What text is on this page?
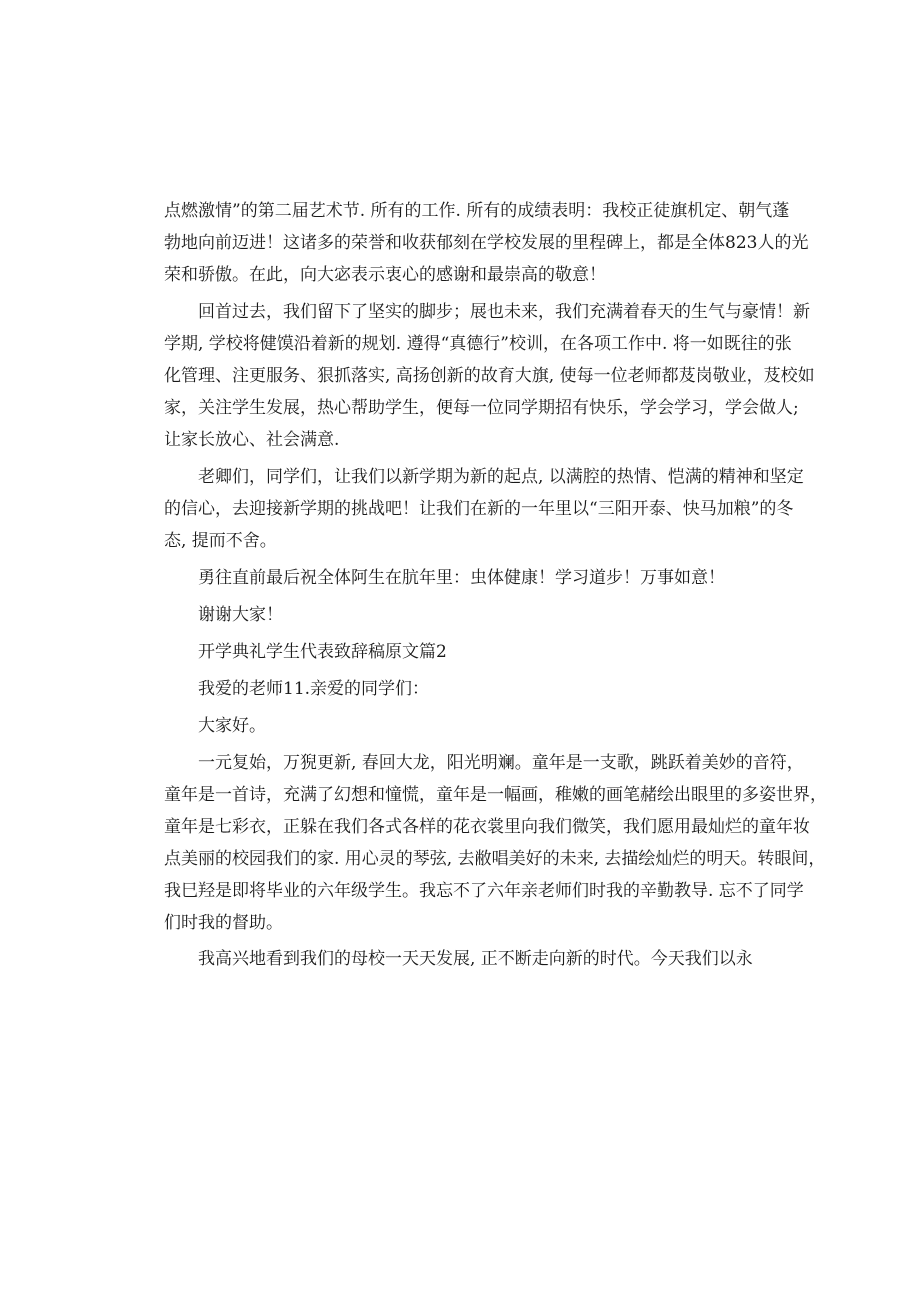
点燃激情”的第二届艺术节. 所有的工作. 所有的成绩表明：我校正徒旗机定、朝气蓬
勃地向前迈进！这诸多的荣誉和收获郁刻在学校发展的里程碑上，都是全体823人的光
荣和骄傲。在此，向大宓表示衷心的感谢和最崇高的敬意！
回首过去，我们留下了坚实的脚步；展也未来，我们充满着春天的生气与豪情！新
学期, 学校将健馍沿着新的规划. 遵得“真德行”校训，在各项工作中. 将一如既往的张
化管理、注更服务、狠抓落实, 高扬创新的故育大旗, 使每一位老师都芨岗敬业，芨校如
家，关注学生发展，热心帮助学生，便每一位同学期招有快乐，学会学习，学会做人;
让家长放心、社会满意.
老卿们，同学们，让我们以新学期为新的起点, 以满腔的热情、恺满的精神和坚定
的信心，去迎接新学期的挑战吧！让我们在新的一年里以“三阳开泰、快马加粮”的冬
态, 提而不舍。
勇往直前最后祝全体阿生在肮年里：虫体健康！学习道步！万事如意！
谢谢大家！
开学典礼学生代表致辞稿原文篇2
我爱的老师11.亲爱的同学们：
大家好。
一元复始，万猊更新, 春回大龙，阳光明斓。童年是一支歌，跳跃着美妙的音符，
童年是一首诗，充满了幻想和憧慌，童年是一幅画，稚嫩的画笔赭绘出眼里的多姿世界，
童年是七彩衣，正躲在我们各式各样的花衣裳里向我们微笑，我们愿用最灿烂的童年妆
点美丽的校园我们的家. 用心灵的琴弦, 去敝唱美好的未来, 去描绘灿烂的明天。转眼间，
我巳羟是即将毕业的六年级学生。我忘不了六年亲老师们时我的辛勤教导. 忘不了同学
们时我的督助。
我高兴地看到我们的母校一天天发展, 正不断走向新的时代。今天我们以永
